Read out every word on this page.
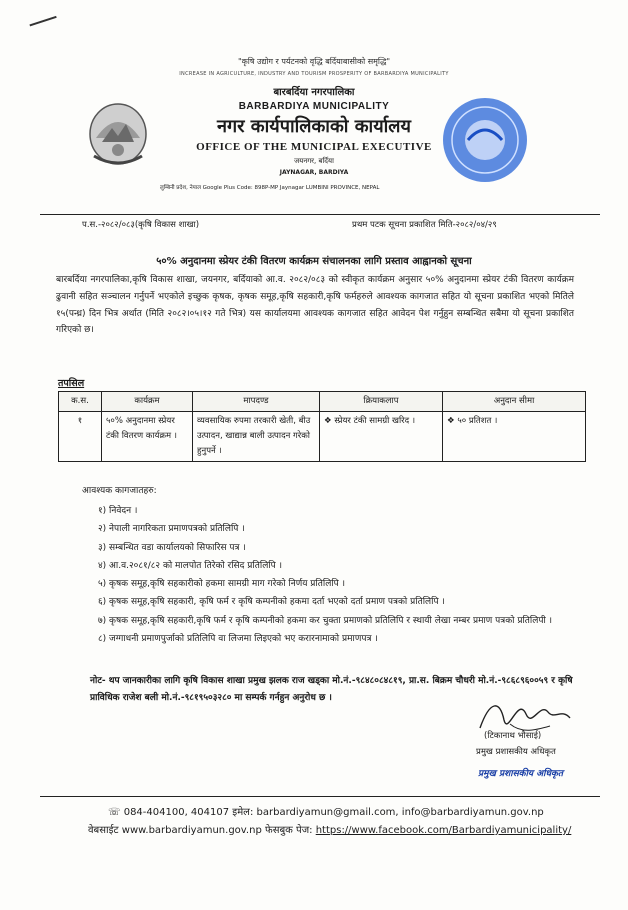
"कृषि उद्योग र पर्यटनको वृद्धि बर्दियाबासीको समृद्धि"
INCREASE IN AGRICULTURE, INDUSTRY AND TOURISM PROSPERITY OF BARBARDIYA MUNICIPALITY
बारबर्दिया नगरपालिका
BARBARDIYA MUNICIPALITY
नगर कार्यपालिकाको कार्यालय
OFFICE OF THE MUNICIPAL EXECUTIVE
जयनगर, बर्दिया
JAYNAGAR, BARDIYA
लुम्बिनी प्रदेश, नेपाल Google Plus Code: 898P-MP Jaynagar LUMBINI PROVINCE, NEPAL
प.स.-२०८२/०८३(कृषि विकास शाखा)	प्रथम पटक सूचना प्रकाशित मिति-२०८२/०४/२९
५०% अनुदानमा स्प्रेयर टंकी वितरण कार्यक्रम संचालनका लागि प्रस्ताव आह्वानको सूचना
बारबर्दिया नगरपालिका,कृषि विकास शाखा, जयनगर, बर्दियाको आ.व. २०८२/०८३ को स्वीकृत कार्यक्रम अनुसार ५०% अनुदानमा स्प्रेयर टंकी वितरण कार्यक्रम ढुवानी सहित सञ्चालन गर्नुपर्ने भएकोले इच्छुक कृषक, कृषक समूह,कृषि सहकारी,कृषि फर्महरुले आवश्यक कागजात सहित यो सूचना प्रकाशित भएको मितिले १५(पन्ध्र) दिन भित्र अर्थात (मिति २०८२।०५।१२ गते भित्र) यस कार्यालयमा आवश्यक कागजात सहित आवेदन पेश गर्नुहुन सम्बन्धित सबैमा यो सूचना प्रकाशित गरिएको छ।
तपसिल
क.स.	कार्यक्रम	मापदण्ड	क्रियाकलाप	अनुदान सीमा
१	५०% अनुदानमा स्प्रेयर टंकी वितरण कार्यक्रम ।	व्यवसायिक रुपमा तरकारी खेती, बीउ उत्पादन, खाद्यान्न बाली उत्पादन गरेको हुनुपर्ने ।	❖ स्प्रेयर टंकी सामग्री खरिद ।	❖ ५० प्रतिशत ।
आवश्यक कागजातहरु:
१) निवेदन ।
२) नेपाली नागरिकता प्रमाणपत्रको प्रतिलिपि ।
३) सम्बन्धित वडा कार्यालयको सिफारिस पत्र ।
४) आ.व.२०८१/८२ को मालपोत तिरेको रसिद प्रतिलिपि ।
५) कृषक समूह,कृषि सहकारीको हकमा सामग्री माग गरेको निर्णय प्रतिलिपि ।
६) कृषक समूह,कृषि सहकारी, कृषि फर्म र कृषि कम्पनीको हकमा दर्ता भएको दर्ता प्रमाण पत्रको प्रतिलिपि ।
७) कृषक समूह,कृषि सहकारी,कृषि फर्म र कृषि कम्पनीको हकमा कर चुक्ता प्रमाणको प्रतिलिपि र स्थायी लेखा नम्बर प्रमाण पत्रको प्रतिलिपी ।
८) जग्गाधनी प्रमाणपुर्जाको प्रतिलिपि वा लिजमा लिइएको भए करारनामाको प्रमाणपत्र ।
नोट- थप जानकारीका लागि कृषि विकास शाखा प्रमुख झलक राज खड्का मो.नं.-९८४८०८४८१९, प्रा.स. बिक्रम चौधरी मो.नं.-९८६८९६००५९ र कृषि प्राविधिक राजेश बली मो.नं.-९८१९५०३२८० मा सम्पर्क गर्नहुन अनुरोध छ ।
(टिकानाथ भौसाई)
प्रमुख प्रशासकीय अधिकृत
प्रमुख प्रशासकीय अधिकृत
☏ 084-404100, 404107 इमेल: barbardiyamun@gmail.com, info@barbardiyamun.gov.np
वेबसाईट www.barbardiyamun.gov.np फेसबुक पेज: https://www.facebook.com/Barbardiyamunicipality/
